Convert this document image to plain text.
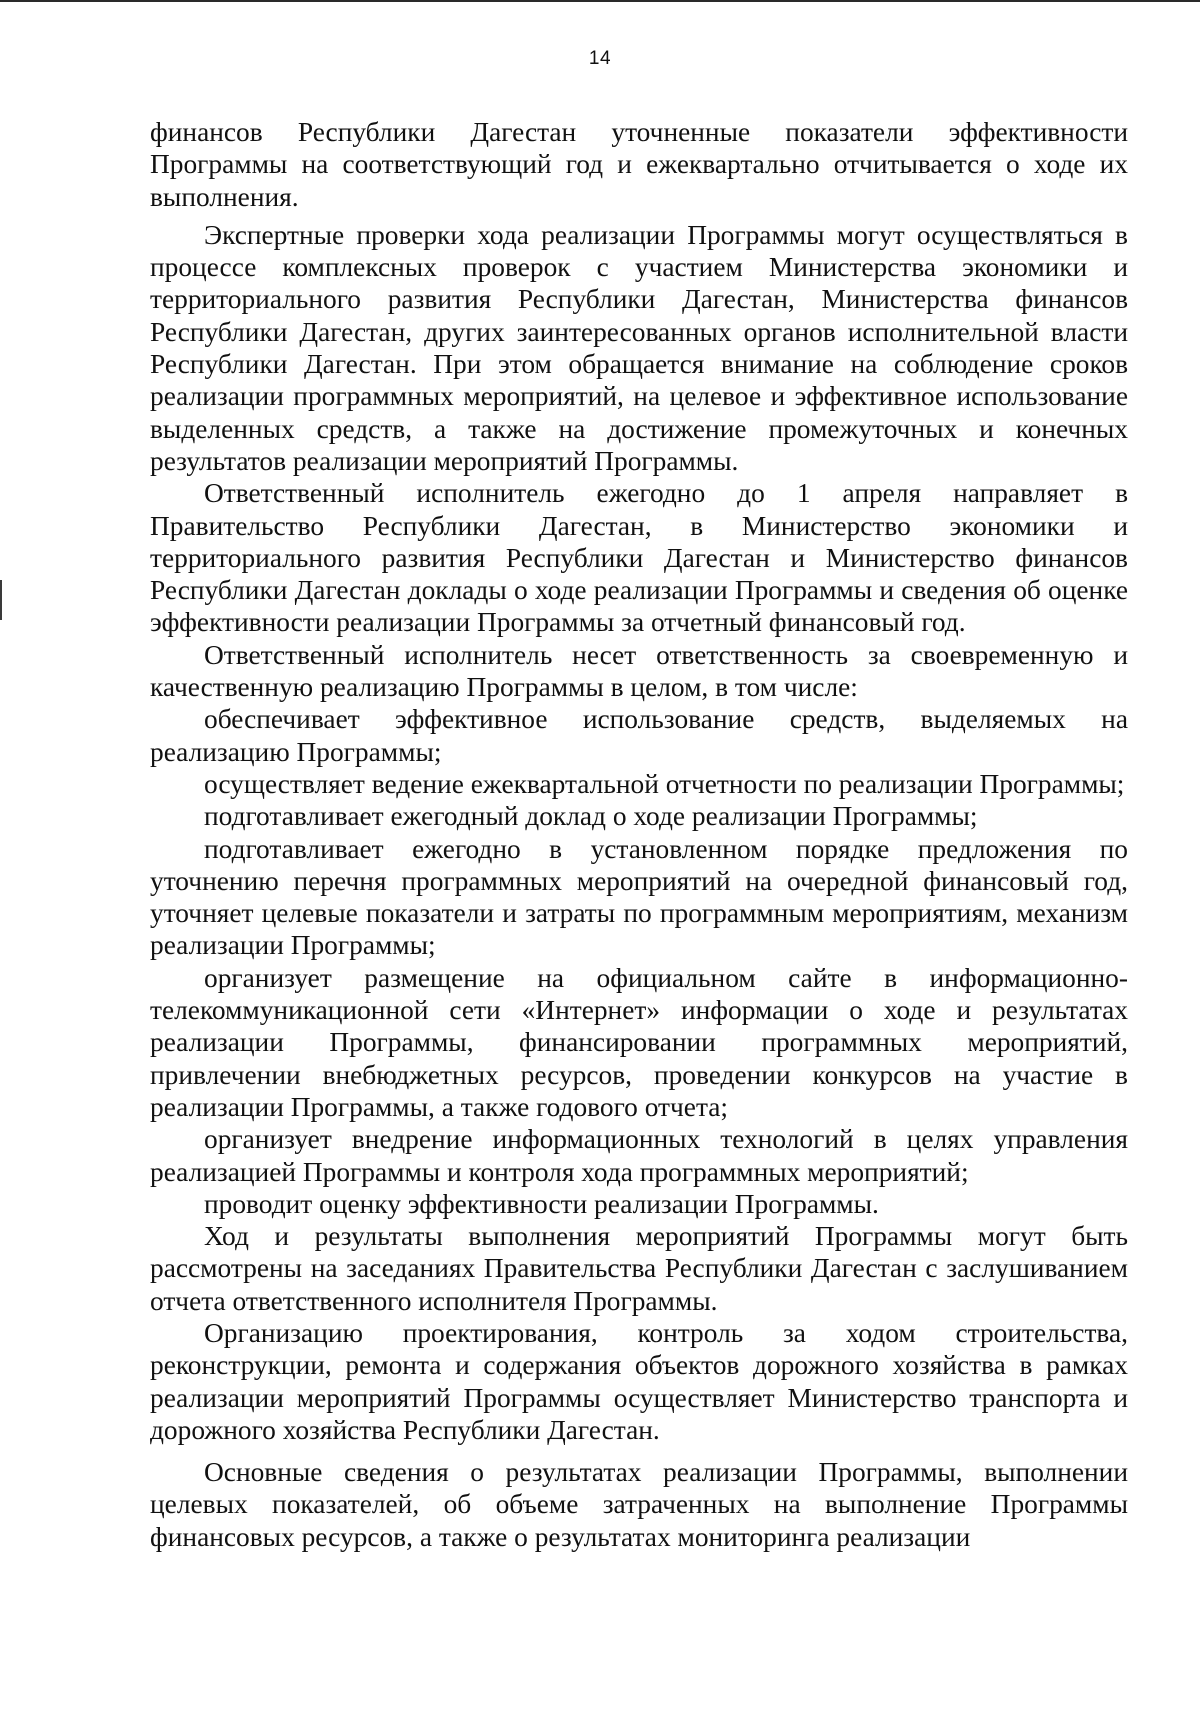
14

финансов Республики Дагестан уточненные показатели эффективности Программы на соответствующий год и ежеквартально отчитывается о ходе их выполнения.

Экспертные проверки хода реализации Программы могут осуществляться в процессе комплексных проверок с участием Министерства экономики и территориального развития Республики Дагестан, Министерства финансов Республики Дагестан, других заинтересованных органов исполнительной власти Республики Дагестан. При этом обращается внимание на соблюдение сроков реализации программных мероприятий, на целевое и эффективное использование выделенных средств, а также на достижение промежуточных и конечных результатов реализации мероприятий Программы.

Ответственный исполнитель ежегодно до 1 апреля направляет в Правительство Республики Дагестан, в Министерство экономики и территориального развития Республики Дагестан и Министерство финансов Республики Дагестан доклады о ходе реализации Программы и сведения об оценке эффективности реализации Программы за отчетный финансовый год.

Ответственный исполнитель несет ответственность за своевременную и качественную реализацию Программы в целом, в том числе:

обеспечивает эффективное использование средств, выделяемых на реализацию Программы;

осуществляет ведение ежеквартальной отчетности по реализации Программы;

подготавливает ежегодный доклад о ходе реализации Программы;

подготавливает ежегодно в установленном порядке предложения по уточнению перечня программных мероприятий на очередной финансовый год, уточняет целевые показатели и затраты по программным мероприятиям, механизм реализации Программы;

организует размещение на официальном сайте в информационно-телекоммуникационной сети «Интернет» информации о ходе и результатах реализации Программы, финансировании программных мероприятий, привлечении внебюджетных ресурсов, проведении конкурсов на участие в реализации Программы, а также годового отчета;

организует внедрение информационных технологий в целях управления реализацией Программы и контроля хода программных мероприятий;

проводит оценку эффективности реализации Программы.

Ход и результаты выполнения мероприятий Программы могут быть рассмотрены на заседаниях Правительства Республики Дагестан с заслушиванием отчета ответственного исполнителя Программы.

Организацию проектирования, контроль за ходом строительства, реконструкции, ремонта и содержания объектов дорожного хозяйства в рамках реализации мероприятий Программы осуществляет Министерство транспорта и дорожного хозяйства Республики Дагестан.

Основные сведения о результатах реализации Программы, выполнении целевых показателей, об объеме затраченных на выполнение Программы финансовых ресурсов, а также о результатах мониторинга реализации
